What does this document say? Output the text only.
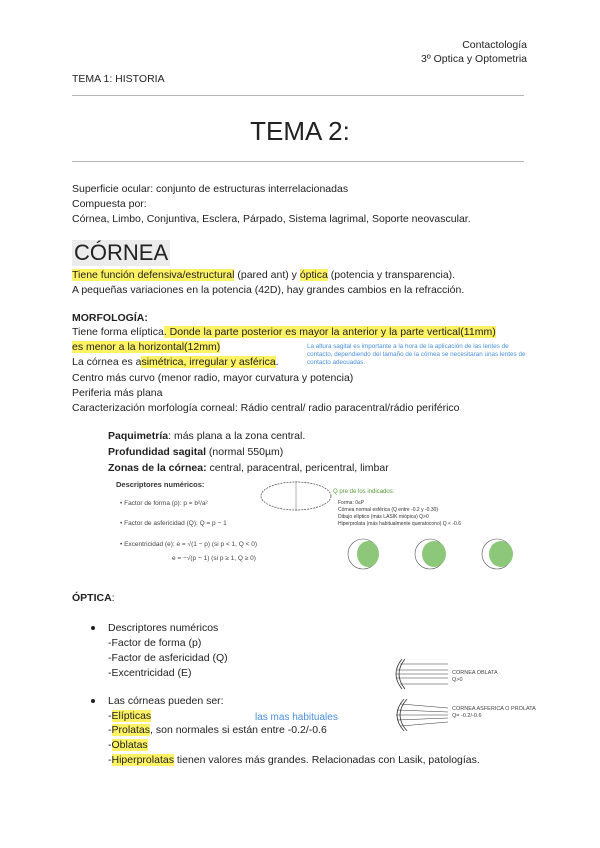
Contactología
3º Optica y Optometria
TEMA 1: HISTORIA
TEMA 2:
Superficie ocular: conjunto de estructuras interrelacionadas
Compuesta por:
Córnea, Limbo, Conjuntiva, Esclera, Párpado, Sistema lagrimal, Soporte neovascular.
CÓRNEA
Tiene función defensiva/estructural (pared ant) y óptica (potencia y transparencia).
A pequeñas variaciones en la potencia (42D), hay grandes cambios en la refracción.
MORFOLOGÍA:
Tiene forma elíptica. Donde la parte posterior es mayor la anterior y la parte vertical(11mm)
es menor a la horizontal(12mm)
La córnea es asimétrica, irregular y asférica.
Centro más curvo (menor radio, mayor curvatura y potencia)
Periferia más plana
Caracterización morfología corneal: Rádio central/ radio paracentral/rádio periférico
La altura sagital es importante a la hora de la aplicación de las lentes de contacto, dependiendo del tamaño de la córnea se necesitaran unas lentes de contacto adecuadas.
Paquimetría: más plana a la zona central.
Profundidad sagital (normal 550µm)
Zonas de la córnea: central, paracentral, pericentral, limbar
Descriptores numéricos:
• Factor de forma (p): p = b²/a²
• Factor de asfericidad (Q): Q = p − 1
• Excentricidad (e): e = √(1 − p) (si p < 1, Q < 0)
e = −√(p − 1) (si p ≥ 1, Q ≥ 0)
Q pre de los indicados:
Forma: 0≤P
Córnea normal esférica (Q entre -0.2 y -0.30)
Dibujo elíptico (más LASIK miópica) Q>0
Hiperprolata (más habitualmente queratocono) Q < -0.6
ÓPTICA:
Descriptores numéricos
-Factor de forma (p)
-Factor de asfericidad (Q)
-Excentricidad (E)
Las córneas pueden ser:
-Elípticas
-Prolatas, son normales si están entre -0.2/-0.6
-Oblatas
-Hiperprolatas tienen valores más grandes. Relacionadas con Lasik, patologías.
las mas habituales
CORNEA OBLATA
Q>0
CORNEA ASFERICA O PROLATA
Q= -0.2/-0.6
